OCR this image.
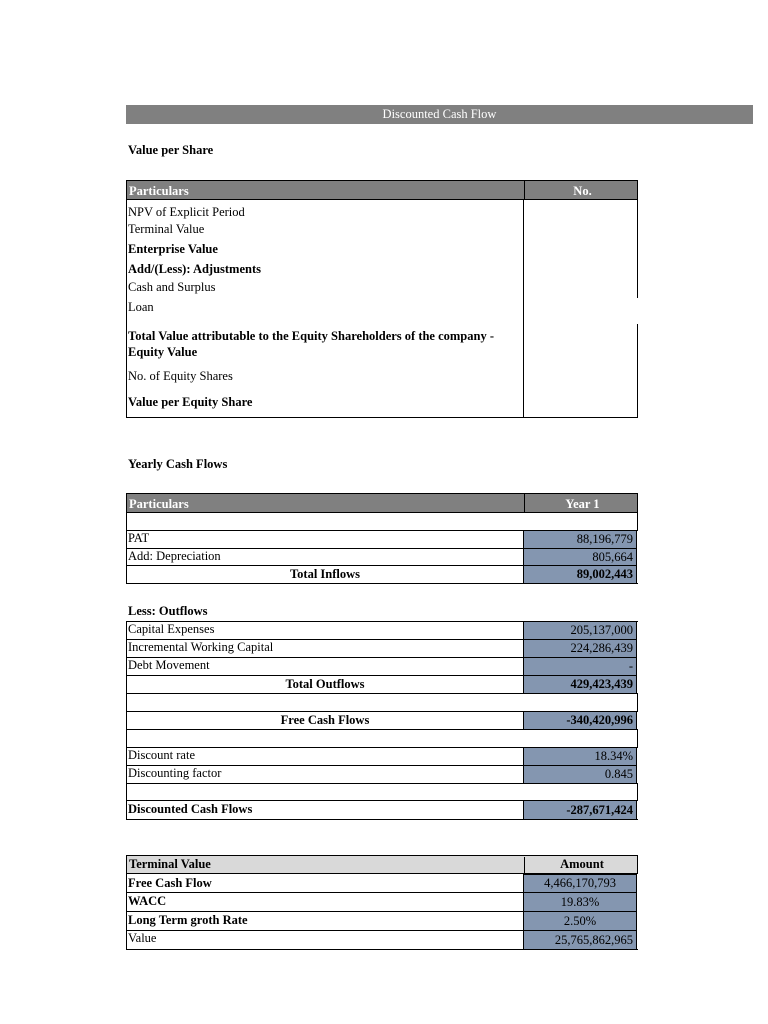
Discounted Cash Flow
Value per Share
Particulars	No.
NPV of Explicit Period
Terminal Value
Enterprise Value
Add/(Less): Adjustments
Cash and Surplus
Loan
Total Value attributable to the Equity Shareholders of the company -
Equity Value
No. of Equity Shares
Value per Equity Share
Yearly Cash Flows
Particulars	Year 1
PAT	88,196,779
Add: Depreciation	805,664
Total Inflows	89,002,443
Less: Outflows
Capital Expenses	205,137,000
Incremental Working Capital	224,286,439
Debt Movement	-
Total Outflows	429,423,439
Free Cash Flows	-340,420,996
Discount rate	18.34%
Discounting factor	0.845
Discounted Cash Flows	-287,671,424
Terminal Value	Amount
Free Cash Flow	4,466,170,793
WACC	19.83%
Long Term groth Rate	2.50%
Value	25,765,862,965
